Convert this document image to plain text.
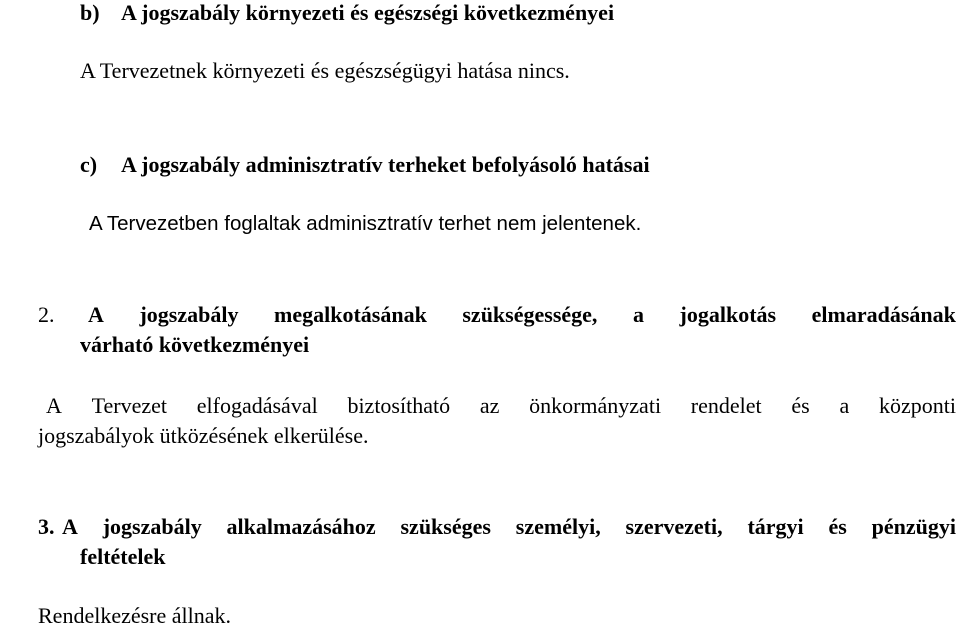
b) A jogszabály környezeti és egészségi következményei
A Tervezetnek környezeti és egészségügyi hatása nincs.
c) A jogszabály adminisztratív terheket befolyásoló hatásai
A Tervezetben foglaltak adminisztratív terhet nem jelentenek.
2. A jogszabály megalkotásának szükségessége, a jogalkotás elmaradásának
várható következményei
A Tervezet elfogadásával biztosítható az önkormányzati rendelet és a központi
jogszabályok ütközésének elkerülése.
3. A jogszabály alkalmazásához szükséges személyi, szervezeti, tárgyi és pénzügyi
feltételek
Rendelkezésre állnak.
